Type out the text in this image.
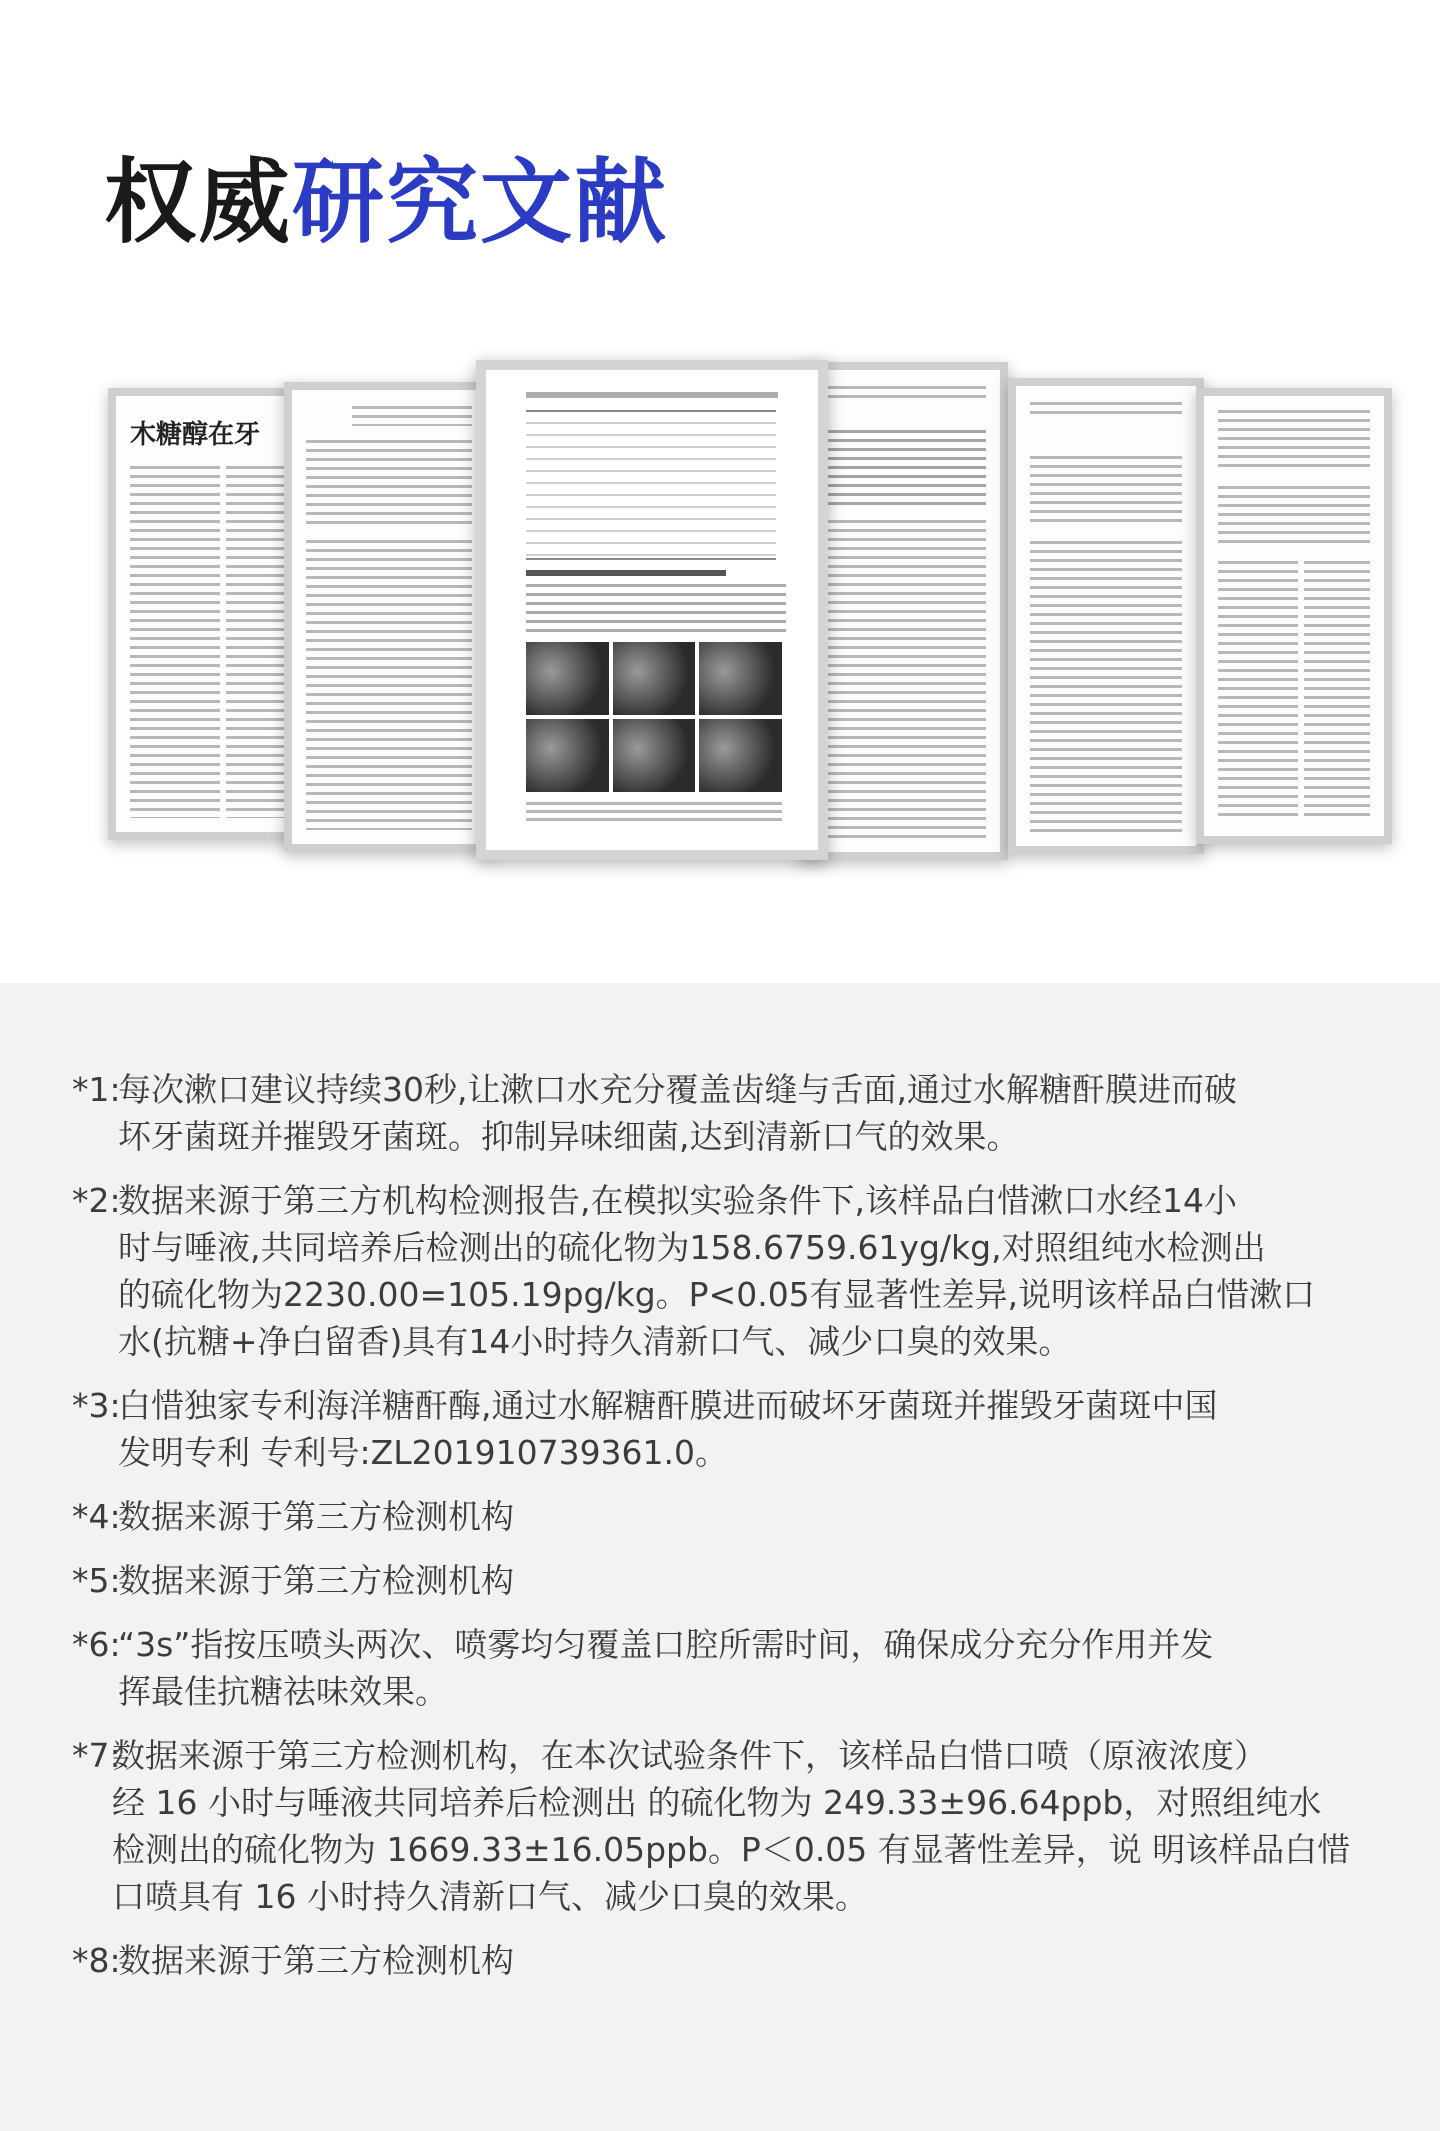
权威研究文献
木糖醇在牙
*1:
每次漱口建议持续30秒,让漱口水充分覆盖齿缝与舌面,通过水解糖酐膜进而破
坏牙菌斑并摧毁牙菌斑。抑制异味细菌,达到清新口气的效果。
*2:
数据来源于第三方机构检测报告,在模拟实验条件下,该样品白惜漱口水经14小
时与唾液,共同培养后检测出的硫化物为158.6759.61yg/kg,对照组纯水检测出
的硫化物为2230.00=105.19pg/kg。P<0.05有显著性差异,说明该样品白惜漱口
水(抗糖+净白留香)具有14小时持久清新口气、减少口臭的效果。
*3:
白惜独家专利海洋糖酐酶,通过水解糖酐膜进而破坏牙菌斑并摧毁牙菌斑中国
发明专利 专利号:ZL201910739361.0。
*4:
数据来源于第三方检测机构
*5:
数据来源于第三方检测机构
*6:
“3s”指按压喷头两次、喷雾均匀覆盖口腔所需时间，确保成分充分作用并发
挥最佳抗糖祛味效果。
*7:
数据来源于第三方检测机构，在本次试验条件下，该样品白惜口喷（原液浓度）
经 16 小时与唾液共同培养后检测出 的硫化物为 249.33±96.64ppb，对照组纯水
检测出的硫化物为 1669.33±16.05ppb。P＜0.05 有显著性差异，说 明该样品白惜
口喷具有 16 小时持久清新口气、减少口臭的效果。
*8:
数据来源于第三方检测机构
